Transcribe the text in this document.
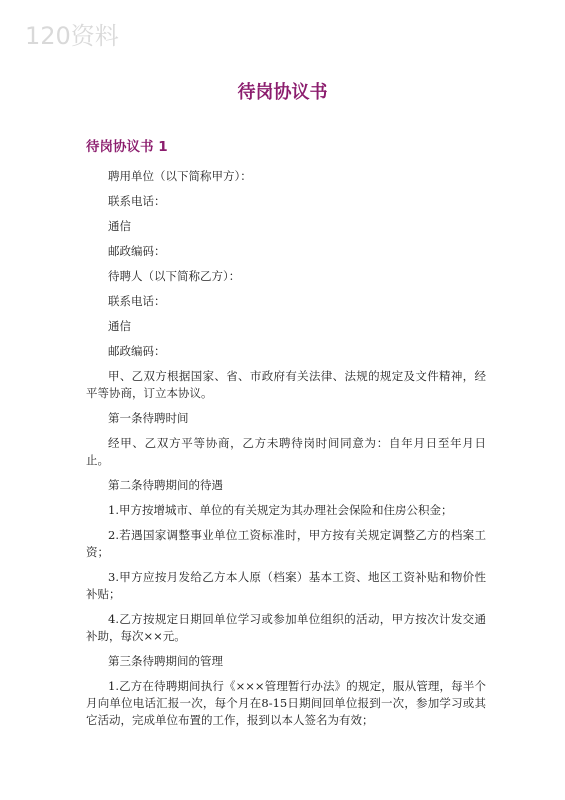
120资料
待岗协议书
待岗协议书 1

聘用单位（以下简称甲方）：

联系电话：

通信

邮政编码：

待聘人（以下简称乙方）：

联系电话：

通信

邮政编码：

甲、乙双方根据国家、省、市政府有关法律、法规的规定及文件精神，经平等协商，订立本协议。

第一条待聘时间

经甲、乙双方平等协商，乙方未聘待岗时间同意为：自年月日至年月日止。

第二条待聘期间的待遇

1.甲方按增城市、单位的有关规定为其办理社会保险和住房公积金；

2.若遇国家调整事业单位工资标准时，甲方按有关规定调整乙方的档案工资；

3.甲方应按月发给乙方本人原（档案）基本工资、地区工资补贴和物价性补贴；

4.乙方按规定日期回单位学习或参加单位组织的活动，甲方按次计发交通补助，每次××元。

第三条待聘期间的管理

1.乙方在待聘期间执行《×××管理暂行办法》的规定，服从管理，每半个月向单位电话汇报一次，每个月在8-15日期间回单位报到一次，参加学习或其它活动，完成单位布置的工作，报到以本人签名为有效；
